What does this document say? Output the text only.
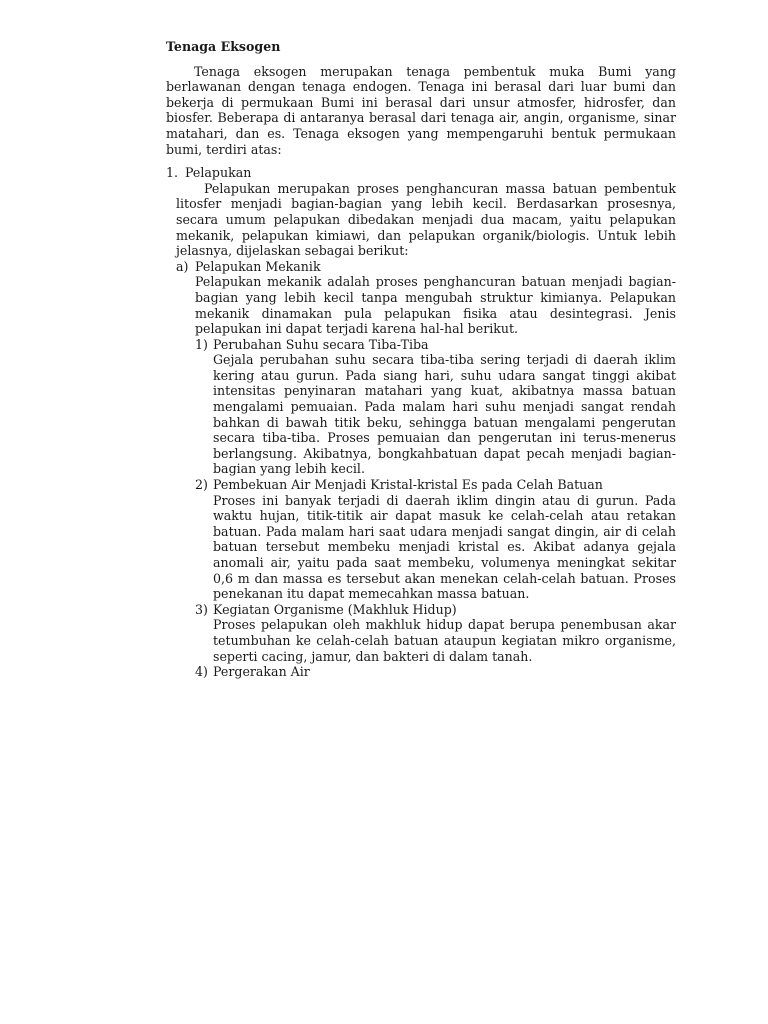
Tenaga Eksogen

Tenaga eksogen merupakan tenaga pembentuk muka Bumi yang berlawanan dengan tenaga endogen. Tenaga ini berasal dari luar bumi dan bekerja di permukaan Bumi ini berasal dari unsur atmosfer, hidrosfer, dan biosfer. Beberapa di antaranya berasal dari tenaga air, angin, organisme, sinar matahari, dan es. Tenaga eksogen yang mempengaruhi bentuk permukaan bumi, terdiri atas:

1. Pelapukan

Pelapukan merupakan proses penghancuran massa batuan pembentuk litosfer menjadi bagian-bagian yang lebih kecil. Berdasarkan prosesnya, secara umum pelapukan dibedakan menjadi dua macam, yaitu pelapukan mekanik, pelapukan kimiawi, dan pelapukan organik/biologis. Untuk lebih jelasnya, dijelaskan sebagai berikut:

a) Pelapukan Mekanik

Pelapukan mekanik adalah proses penghancuran batuan menjadi bagian-bagian yang lebih kecil tanpa mengubah struktur kimianya. Pelapukan mekanik dinamakan pula pelapukan fisika atau desintegrasi. Jenis pelapukan ini dapat terjadi karena hal-hal berikut.

1) Perubahan Suhu secara Tiba-Tiba

Gejala perubahan suhu secara tiba-tiba sering terjadi di daerah iklim kering atau gurun. Pada siang hari, suhu udara sangat tinggi akibat intensitas penyinaran matahari yang kuat, akibatnya massa batuan mengalami pemuaian. Pada malam hari suhu menjadi sangat rendah bahkan di bawah titik beku, sehingga batuan mengalami pengerutan secara tiba-tiba. Proses pemuaian dan pengerutan ini terus-menerus berlangsung. Akibatnya, bongkahbatuan dapat pecah menjadi bagian-bagian yang lebih kecil.

2) Pembekuan Air Menjadi Kristal-kristal Es pada Celah Batuan

Proses ini banyak terjadi di daerah iklim dingin atau di gurun. Pada waktu hujan, titik-titik air dapat masuk ke celah-celah atau retakan batuan. Pada malam hari saat udara menjadi sangat dingin, air di celah batuan tersebut membeku menjadi kristal es. Akibat adanya gejala anomali air, yaitu pada saat membeku, volumenya meningkat sekitar 0,6 m dan massa es tersebut akan menekan celah-celah batuan. Proses penekanan itu dapat memecahkan massa batuan.

3) Kegiatan Organisme (Makhluk Hidup)

Proses pelapukan oleh makhluk hidup dapat berupa penembusan akar tetumbuhan ke celah-celah batuan ataupun kegiatan mikro organisme, seperti cacing, jamur, dan bakteri di dalam tanah.

4) Pergerakan Air
